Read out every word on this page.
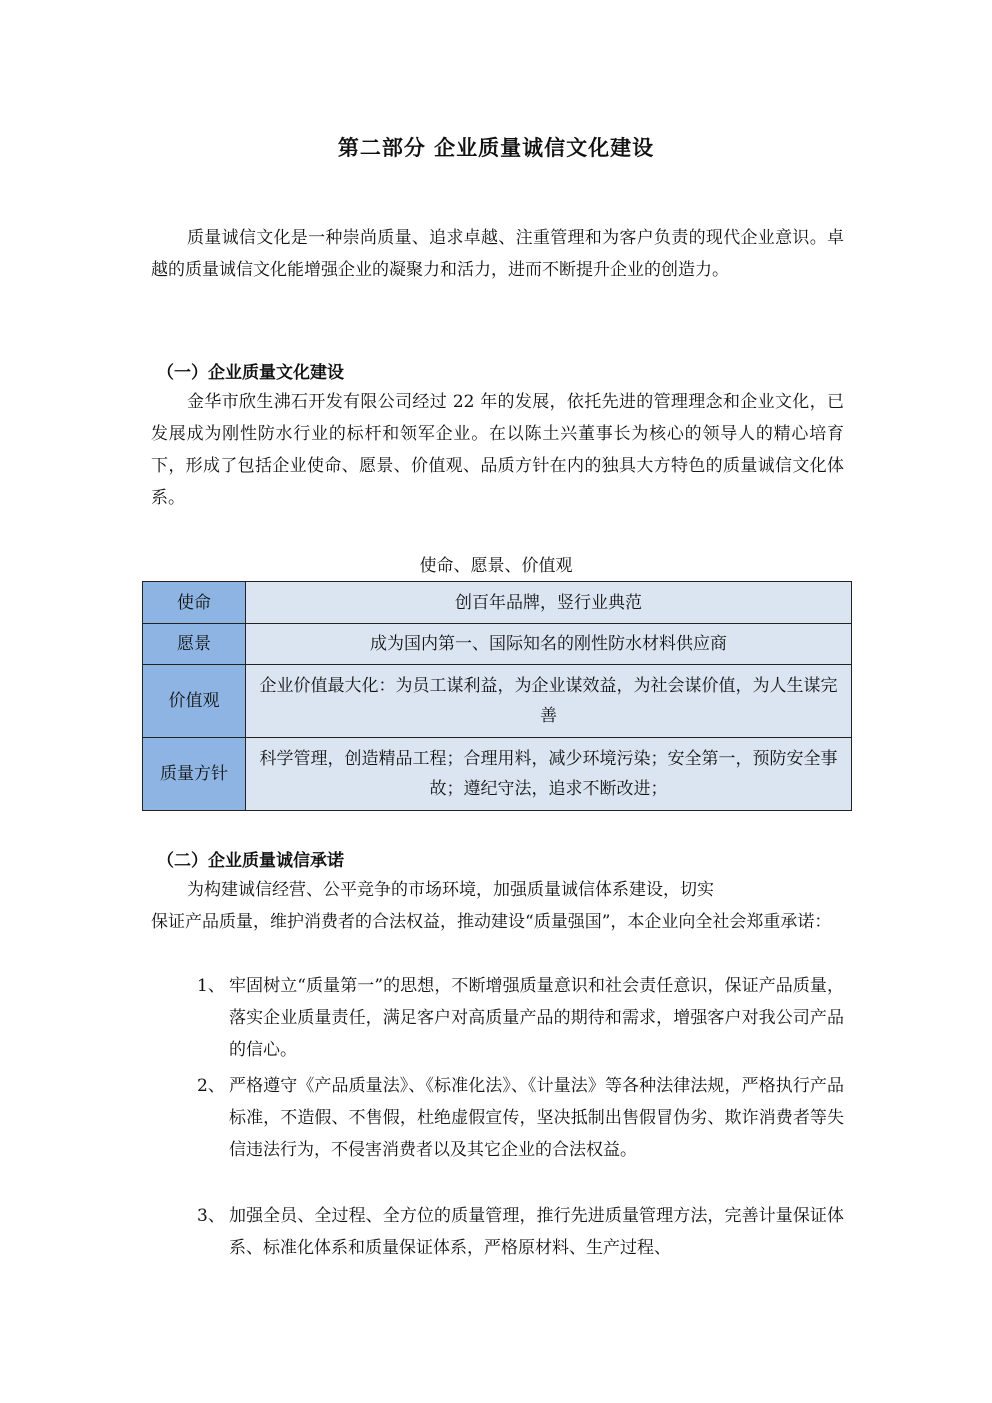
第二部分 企业质量诚信文化建设

质量诚信文化是一种崇尚质量、追求卓越、注重管理和为客户负责的现代企业意识。卓越的质量诚信文化能增强企业的凝聚力和活力，进而不断提升企业的创造力。

（一）企业质量文化建设

金华市欣生沸石开发有限公司经过 22 年的发展，依托先进的管理理念和企业文化，已发展成为刚性防水行业的标杆和领军企业。在以陈土兴董事长为核心的领导人的精心培育下，形成了包括企业使命、愿景、价值观、品质方针在内的独具大方特色的质量诚信文化体系。

使命、愿景、价值观
使命	创百年品牌，竖行业典范
愿景	成为国内第一、国际知名的刚性防水材料供应商
价值观	企业价值最大化：为员工谋利益，为企业谋效益，为社会谋价值，为人生谋完善
质量方针	科学管理，创造精品工程；合理用料，减少环境污染；安全第一，预防安全事故；遵纪守法，追求不断改进；

（二）企业质量诚信承诺

为构建诚信经营、公平竞争的市场环境，加强质量诚信体系建设，切实

保证产品质量，维护消费者的合法权益，推动建设“质量强国”，本企业向全社会郑重承诺：

1、 牢固树立“质量第一”的思想，不断增强质量意识和社会责任意识，保证产品质量，落实企业质量责任，满足客户对高质量产品的期待和需求，增强客户对我公司产品的信心。
2、 严格遵守《产品质量法》、《标准化法》、《计量法》等各种法律法规，严格执行产品标准，不造假、不售假，杜绝虚假宣传，坚决抵制出售假冒伪劣、欺诈消费者等失信违法行为，不侵害消费者以及其它企业的合法权益。
3、 加强全员、全过程、全方位的质量管理，推行先进质量管理方法，完善计量保证体系、标准化体系和质量保证体系，严格原材料、生产过程、
